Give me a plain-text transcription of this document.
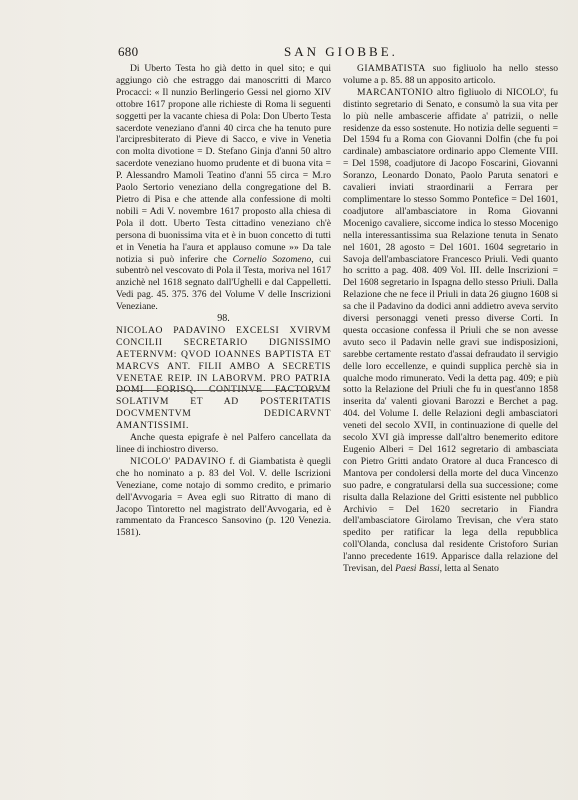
680	SAN GIOBBE.

Di Uberto Testa ho già detto in quel sito; e qui aggiungo ciò che estraggo dai manoscritti di Marco Procacci: « Il nunzio Berlingerio Gessi nel giorno XIV ottobre 1617 propone alle richieste di Roma li seguenti soggetti per la vacante chiesa di Pola: Don Uberto Testa sacerdote veneziano d'anni 40 circa che ha tenuto pure l'arcipresbiterato di Pieve di Sacco, e vive in Venetia con molta divotione = D. Stefano Ginja d'anni 50 altro sacerdote veneziano huomo prudente et di buona vita = P. Alessandro Mamoli Teatino d'anni 55 circa = M.ro Paolo Sertorio veneziano della congregatione del B. Pietro di Pisa e che attende alla confessione di molti nobili = Adi V. novembre 1617 proposto alla chiesa di Pola il dott. Uberto Testa cittadino veneziano ch'è persona di buonissima vita et è in buon concetto di tutti et in Venetia ha l'aura et applauso comune »» Da tale notizia si può inferire che Cornelio Sozomeno, cui subentrò nel vescovato di Pola il Testa, moriva nel 1617 anzichè nel 1618 segnato dall'Ughelli e dal Cappelletti. Vedi pag. 45. 375. 376 del Volume V delle Inscrizioni Veneziane.

98.

NICOLAO PADAVINO EXCELSI XVIRVM CONCILII SECRETARIO DIGNISSIMO AETERNVM: QVOD IOANNES BAPTISTA ET MARCVS ANT. FILII AMBO A SECRETIS VENETAE REIP. IN LABORVM. PRO PATRIA DOMI FORISQ. CONTINVE FACTORVM SOLATIVM ET AD POSTERITATIS DOCVMENTVM DEDICARVNT AMANTISSIMI.

Anche questa epigrafe è nel Palfero cancellata da linee di inchiostro diverso.

NICOLO' PADAVINO f. di Giambatista è quegli che ho nominato a p. 83 del Vol. V. delle Iscrizioni Veneziane, come notajo di sommo credito, e primario dell'Avvogaria = Avea egli suo Ritratto di mano di Jacopo Tintoretto nel magistrato dell'Avvogaria, ed è rammentato da Francesco Sansovino (p. 120 Venezia. 1581).

GIAMBATISTA suo figliuolo ha nello stesso volume a p. 85. 88 un apposito articolo.

MARCANTONIO altro figliuolo di NICOLO', fu distinto segretario di Senato, e consumò la sua vita per lo più nelle ambascerie affidate a' patrizii, o nelle residenze da esso sostenute. Ho notizia delle seguenti = Del 1594 fu a Roma con Giovanni Dolfin (che fu poi cardinale) ambasciatore ordinario appo Clemente VIII. = Del 1598, coadjutore di Jacopo Foscarini, Giovanni Soranzo, Leonardo Donato, Paolo Paruta senatori e cavalieri inviati straordinarii a Ferrara per complimentare lo stesso Sommo Pontefice = Del 1601, coadjutore all'ambasciatore in Roma Giovanni Mocenigo cavaliere, siccome indica lo stesso Mocenigo nella interessantissima sua Relazione tenuta in Senato nel 1601, 28 agosto = Del 1601. 1604 segretario in Savoja dell'ambasciatore Francesco Priuli. Vedi quanto ho scritto a pag. 408. 409 Vol. III. delle Inscrizioni = Del 1608 segretario in Ispagna dello stesso Priuli. Dalla Relazione che ne fece il Priuli in data 26 giugno 1608 si sa che il Padavino da dodici anni addietro aveva servito diversi personaggi veneti presso diverse Corti. In questa occasione confessa il Priuli che se non avesse avuto seco il Padavin nelle gravi sue indisposizioni, sarebbe certamente restato d'assai defraudato il servigio delle loro eccellenze, e quindi supplica perchè sia in qualche modo rimunerato. Vedi la detta pag. 409; e più sotto la Relazione del Priuli che fu in quest'anno 1858 inserita da' valenti giovani Barozzi e Berchet a pag. 404. del Volume I. delle Relazioni degli ambasciatori veneti del secolo XVII, in continuazione di quelle del secolo XVI già impresse dall'altro benemerito editore Eugenio Alberi = Del 1612 segretario di ambasciata con Pietro Gritti andato Oratore al duca Francesco di Mantova per condolersi della morte del duca Vincenzo suo padre, e congratularsi della sua successione; come risulta dalla Relazione del Gritti esistente nel pubblico Archivio = Del 1620 secretario in Fiandra dell'ambasciatore Girolamo Trevisan, che v'era stato spedito per ratificar la lega della repubblica coll'Olanda, conclusa dal residente Cristoforo Surian l'anno precedente 1619. Apparisce dalla relazione del Trevisan, del Paesi Bassi, letta al Senato
